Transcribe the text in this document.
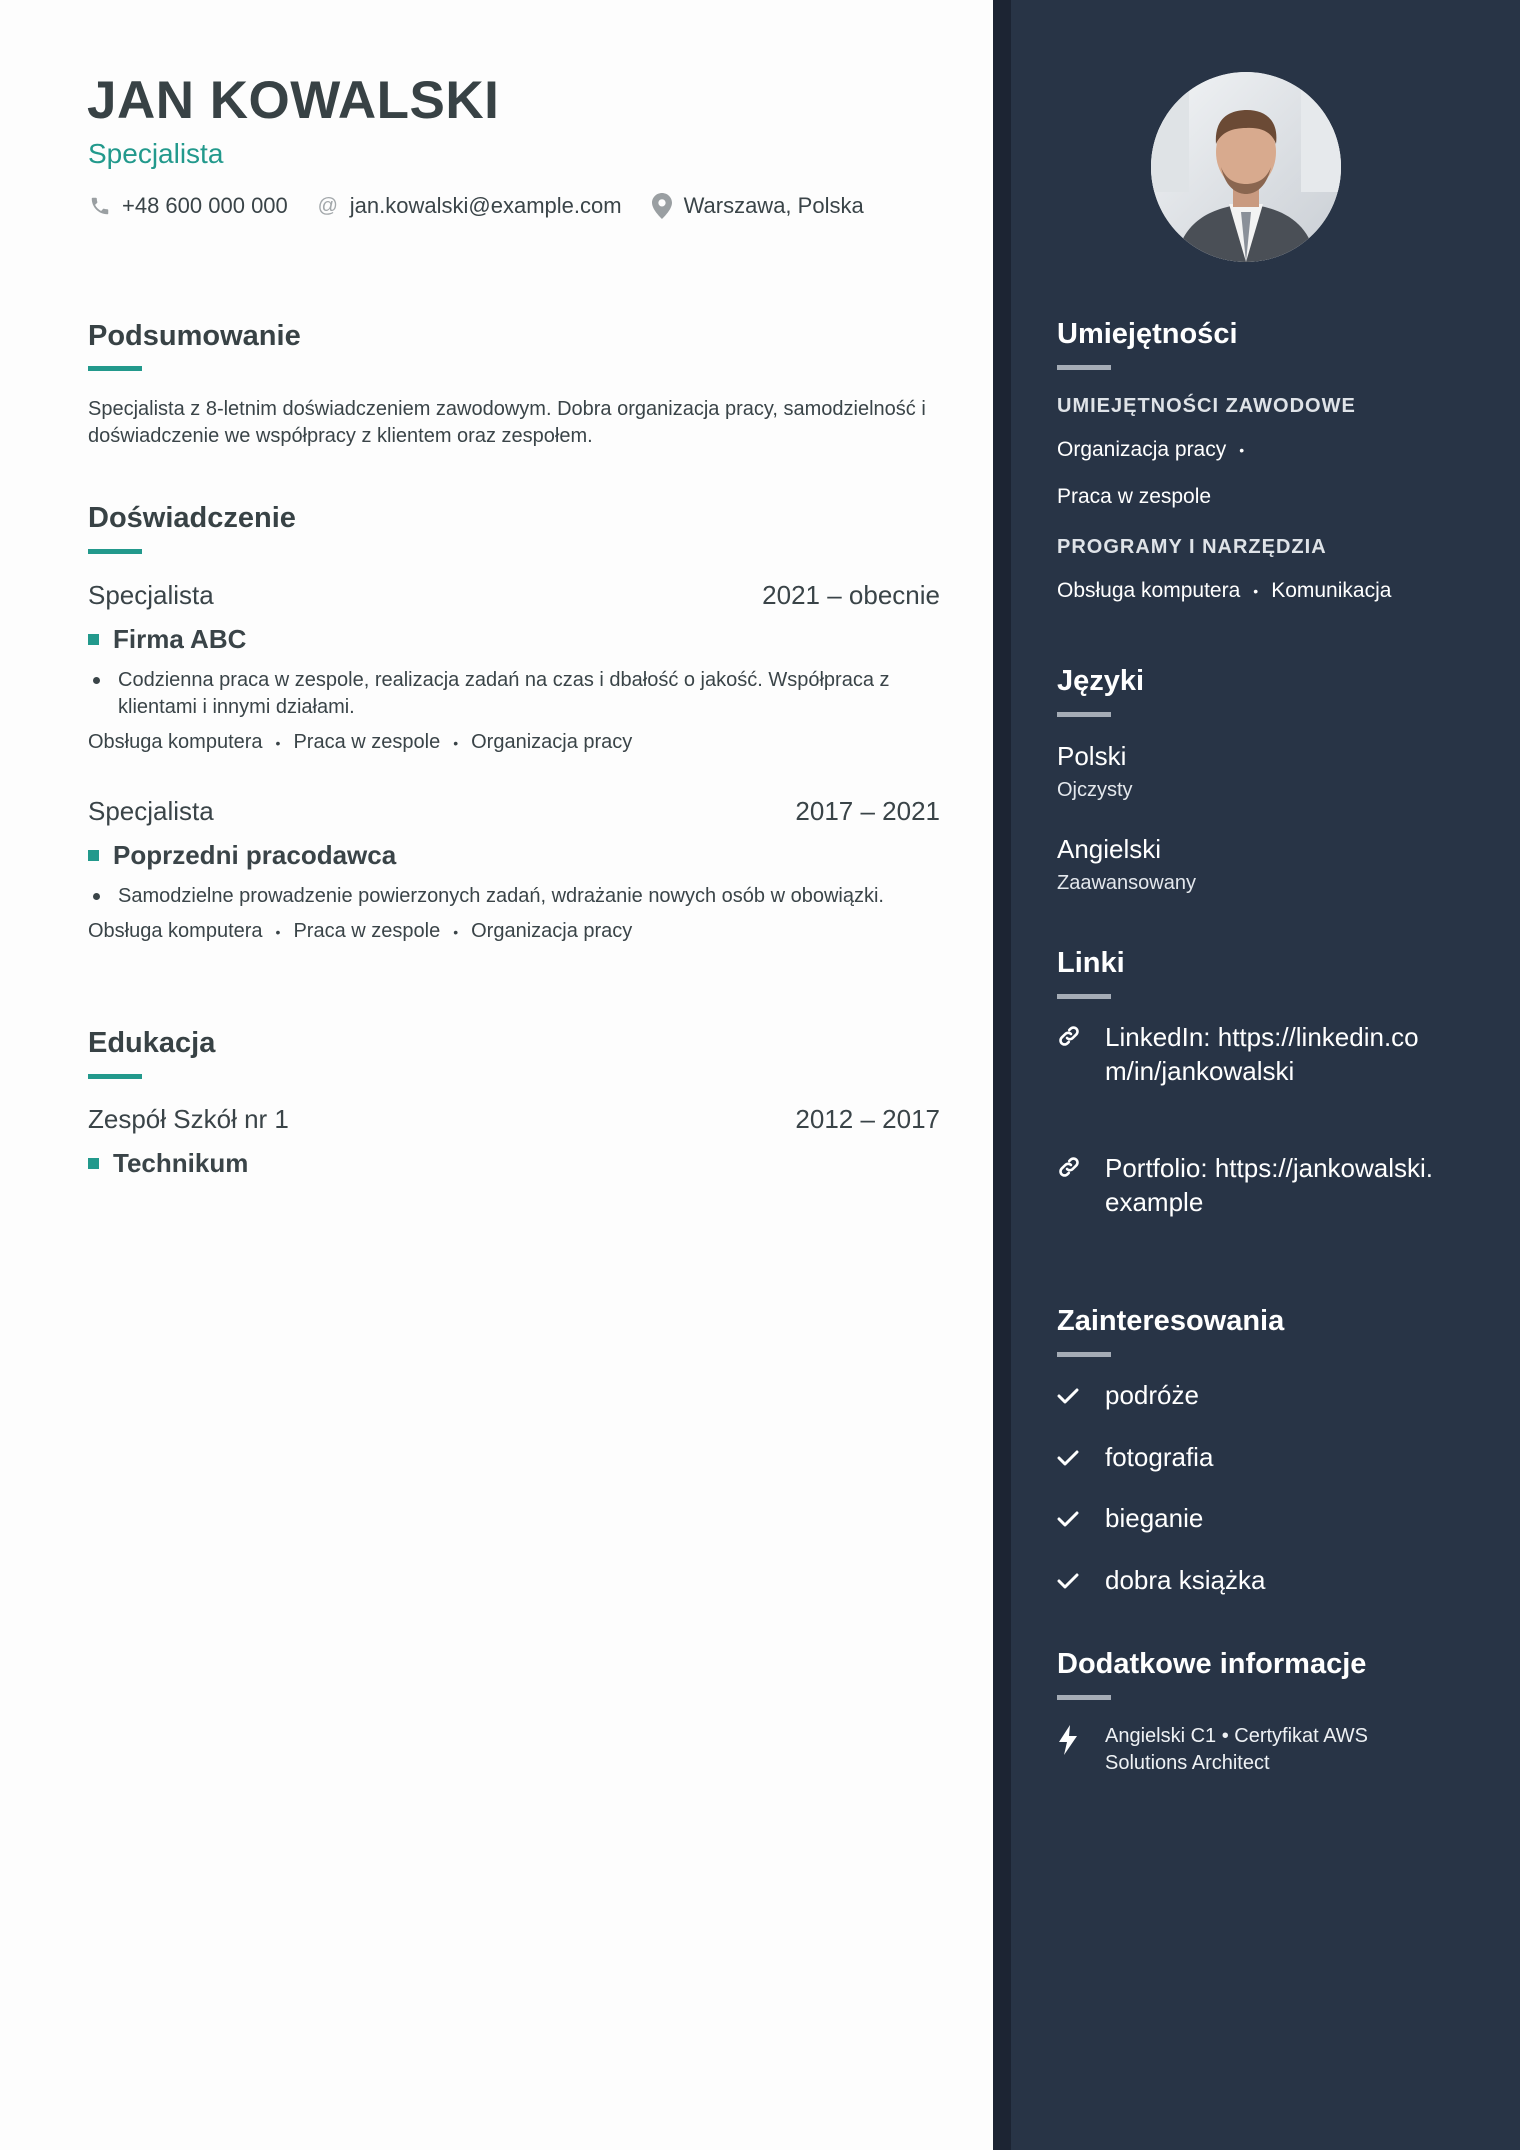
JAN KOWALSKI
Specjalista
+48 600 000 000 @ jan.kowalski@example.com	Warszawa, Polska
Podsumowanie
Specjalista z 8-letnim doświadczeniem zawodowym. Dobra organizacja pracy, samodzielność i doświadczenie we współpracy z klientem oraz zespołem.
Doświadczenie
Specjalista	2021 – obecnie
Firma ABC
Codzienna praca w zespole, realizacja zadań na czas i dbałość o jakość. Współpraca z klientami i innymi działami.
Obsługa komputera • Praca w zespole • Organizacja pracy
Specjalista	2017 – 2021
Poprzedni pracodawca
Samodzielne prowadzenie powierzonych zadań, wdrażanie nowych osób w obowiązki.
Obsługa komputera • Praca w zespole • Organizacja pracy
Edukacja
Zespół Szkół nr 1	2012 – 2017
Technikum
Umiejętności
UMIEJĘTNOŚCI ZAWODOWE
Organizacja pracy •
Praca w zespole
PROGRAMY I NARZĘDZIA
Obsługa komputera • Komunikacja
Języki
Polski
Ojczysty
Angielski
Zaawansowany
Linki
LinkedIn: https://linkedin.com/in/jankowalski
Portfolio: https://jankowalski.example
Zainteresowania
podróże
fotografia
bieganie
dobra książka
Dodatkowe informacje
Angielski C1 • Certyfikat AWS Solutions Architect
